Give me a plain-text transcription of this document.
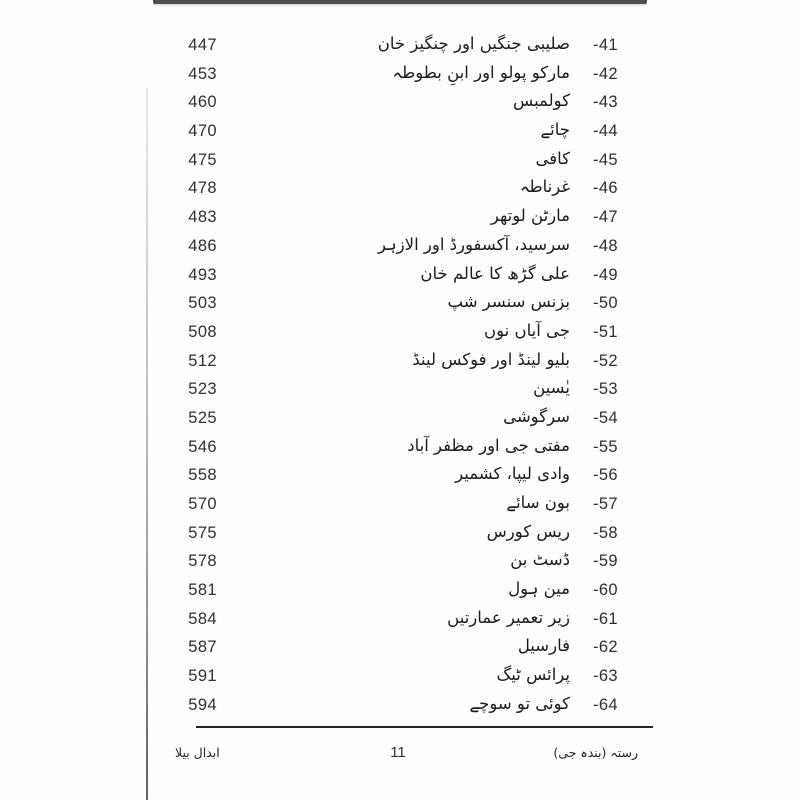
447	صلیبی جنگیں اور چنگیز خان	-41
453	مارکو پولو اور ابنِ بطوطہ	-42
460	کولمبس	-43
470	چائے	-44
475	کافی	-45
478	غرناطہ	-46
483	مارٹن لوتھر	-47
486	سرسید، آکسفورڈ اور الازہر	-48
493	علی گڑھ کا عالم خان	-49
503	بزنس سنسر شپ	-50
508	جی آیاں نوں	-51
512	بلیو لینڈ اور فوکس لینڈ	-52
523	یٰسین	-53
525	سرگوشی	-54
546	مفتی جی اور مظفر آباد	-55
558	وادی لیپا، کشمیر	-56
570	بون سائے	-57
575	ریس کورس	-58
578	ڈسٹ بن	-59
581	مین ہول	-60
584	زیر تعمیر عمارتیں	-61
587	فارسیل	-62
591	پرائس ٹیگ	-63
594	کوئی تو سوچے	-64
رستہ (بندہ جی)
11
ابدال بیلا
